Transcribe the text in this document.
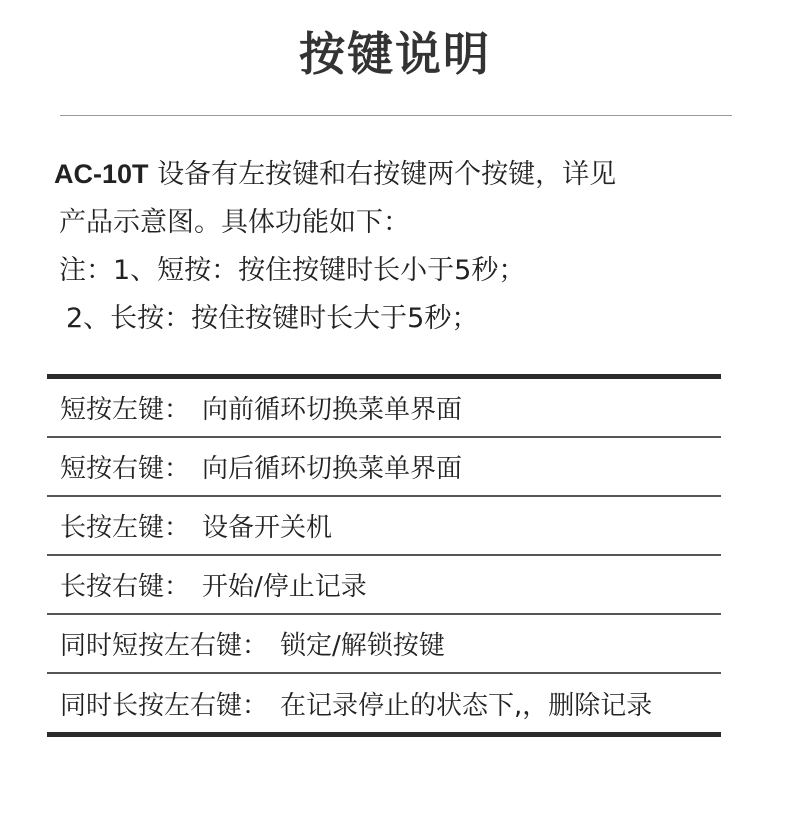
按键说明
AC-10T 设备有左按键和右按键两个按键，详见
产品示意图。具体功能如下：
注：1、短按：按住按键时长小于5秒；
2、长按：按住按键时长大于5秒；
短按左键： 向前循环切换菜单界面
短按右键： 向后循环切换菜单界面
长按左键： 设备开关机
长按右键： 开始/停止记录
同时短按左右键： 锁定/解锁按键
同时长按左右键： 在记录停止的状态下,，删除记录
